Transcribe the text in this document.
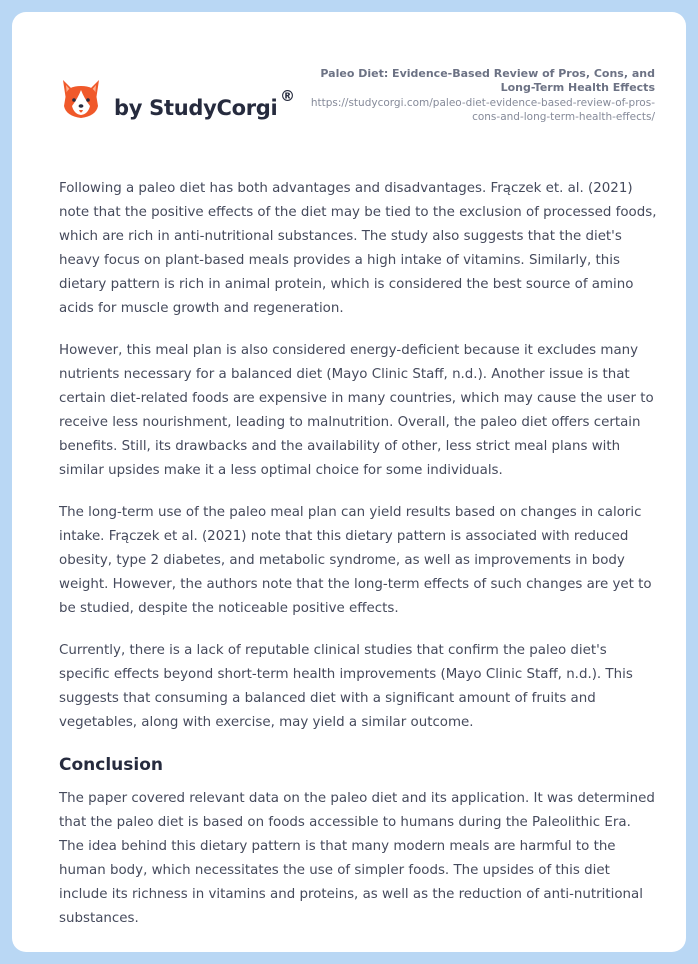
by StudyCorgi ®
Paleo Diet: Evidence-Based Review of Pros, Cons, and Long-Term Health Effects
https://studycorgi.com/paleo-diet-evidence-based-review-of-pros-cons-and-long-term-health-effects/

Following a paleo diet has both advantages and disadvantages. Frączek et. al. (2021) note that the positive effects of the diet may be tied to the exclusion of processed foods, which are rich in anti-nutritional substances. The study also suggests that the diet's heavy focus on plant-based meals provides a high intake of vitamins. Similarly, this dietary pattern is rich in animal protein, which is considered the best source of amino acids for muscle growth and regeneration.

However, this meal plan is also considered energy-deficient because it excludes many nutrients necessary for a balanced diet (Mayo Clinic Staff, n.d.). Another issue is that certain diet-related foods are expensive in many countries, which may cause the user to receive less nourishment, leading to malnutrition. Overall, the paleo diet offers certain benefits. Still, its drawbacks and the availability of other, less strict meal plans with similar upsides make it a less optimal choice for some individuals.

The long-term use of the paleo meal plan can yield results based on changes in caloric intake. Frączek et al. (2021) note that this dietary pattern is associated with reduced obesity, type 2 diabetes, and metabolic syndrome, as well as improvements in body weight. However, the authors note that the long-term effects of such changes are yet to be studied, despite the noticeable positive effects.

Currently, there is a lack of reputable clinical studies that confirm the paleo diet's specific effects beyond short-term health improvements (Mayo Clinic Staff, n.d.). This suggests that consuming a balanced diet with a significant amount of fruits and vegetables, along with exercise, may yield a similar outcome.

Conclusion

The paper covered relevant data on the paleo diet and its application. It was determined that the paleo diet is based on foods accessible to humans during the Paleolithic Era. The idea behind this dietary pattern is that many modern meals are harmful to the human body, which necessitates the use of simpler foods. The upsides of this diet include its richness in vitamins and proteins, as well as the reduction of anti-nutritional substances.
